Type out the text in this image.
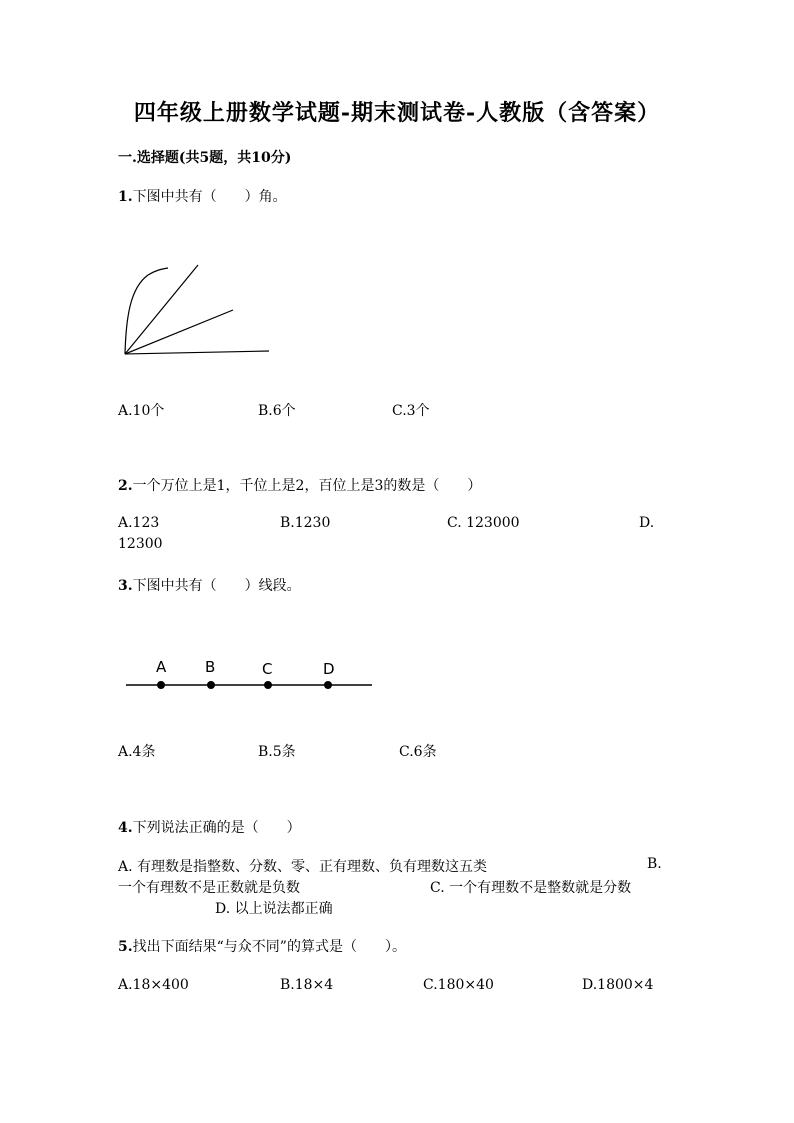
四年级上册数学试题-期末测试卷-人教版（含答案）
一.选择题(共5题，共10分)
1.下图中共有（　　）角。
A.10个	B.6个	C.3个
2.一个万位上是1，千位上是2，百位上是3的数是（　　）
A.123	B.1230	C. 123000	D.
12300
3.下图中共有（　　）线段。
A	B	C	D
A.4条	B.5条	C.6条
4.下列说法正确的是（　　）
A. 有理数是指整数、分数、零、正有理数、负有理数这五类	B.
一个有理数不是正数就是负数	C. 一个有理数不是整数就是分数
D. 以上说法都正确
5.找出下面结果“与众不同”的算式是（　　）。
A.18×400	B.18×4	C.180×40	D.1800×4
